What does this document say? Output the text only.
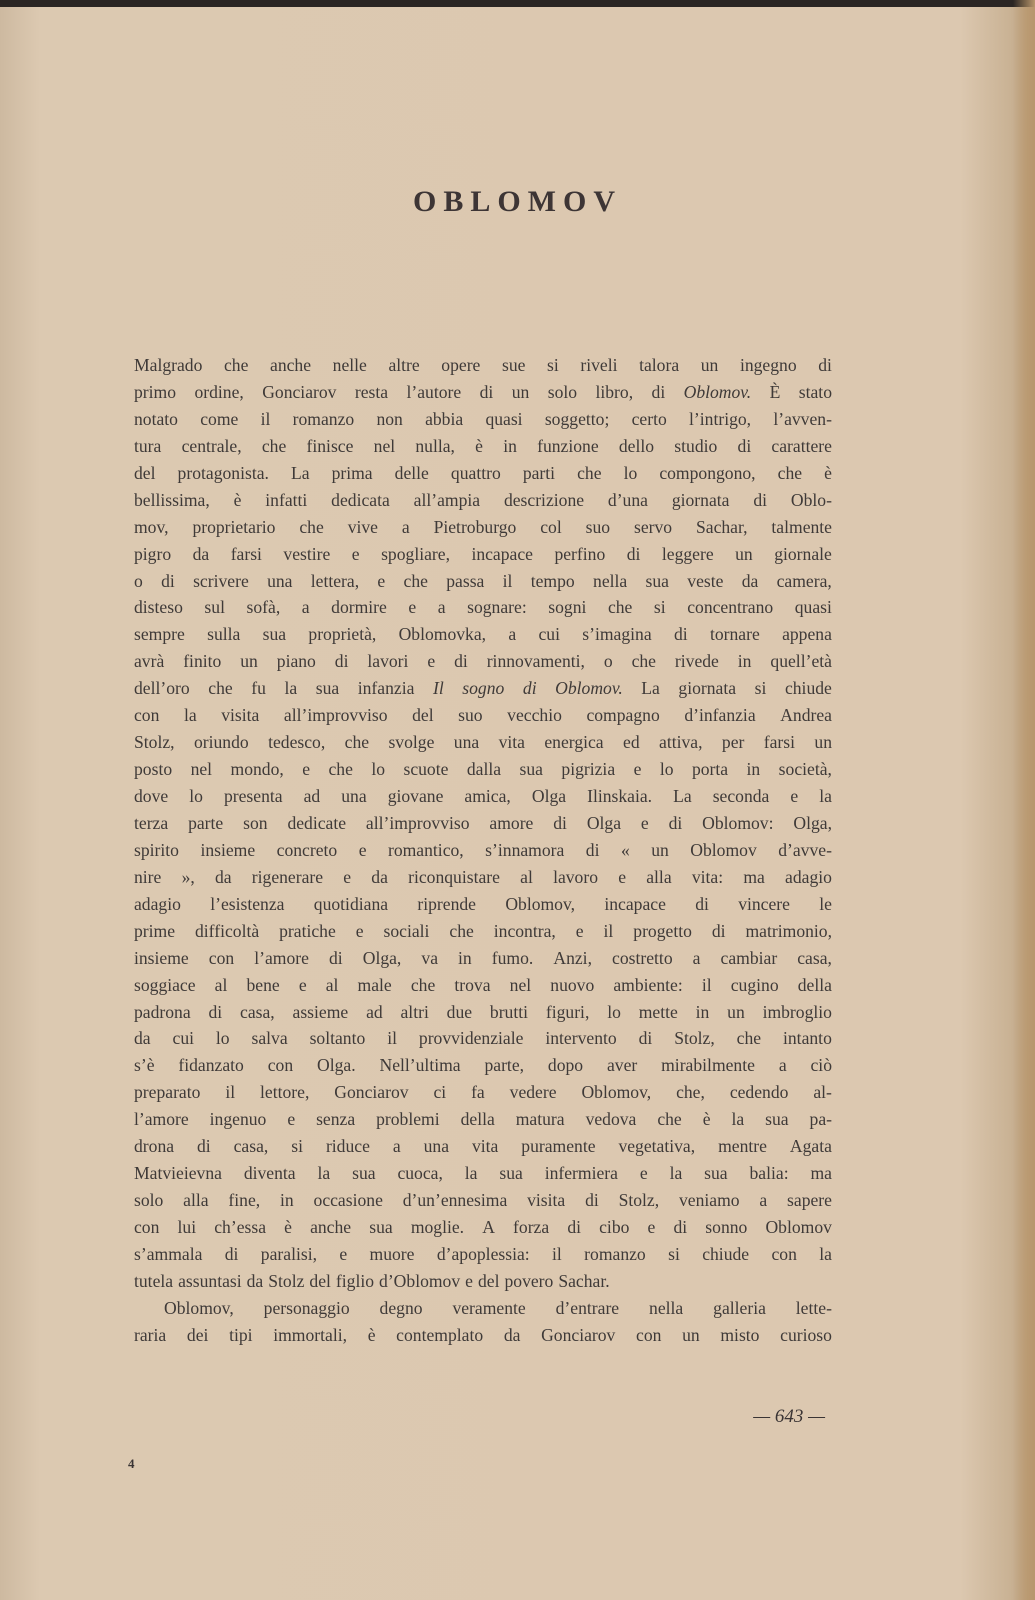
OBLOMOV
Malgrado che anche nelle altre opere sue si riveli talora un ingegno di
primo ordine, Gonciarov resta l’autore di un solo libro, di Oblomov. È stato
notato come il romanzo non abbia quasi soggetto; certo l’intrigo, l’avven-
tura centrale, che finisce nel nulla, è in funzione dello studio di carattere
del protagonista. La prima delle quattro parti che lo compongono, che è
bellissima, è infatti dedicata all’ampia descrizione d’una giornata di Oblo-
mov, proprietario che vive a Pietroburgo col suo servo Sachar, talmente
pigro da farsi vestire e spogliare, incapace perfino di leggere un giornale
o di scrivere una lettera, e che passa il tempo nella sua veste da camera,
disteso sul sofà, a dormire e a sognare: sogni che si concentrano quasi
sempre sulla sua proprietà, Oblomovka, a cui s’imagina di tornare appena
avrà finito un piano di lavori e di rinnovamenti, o che rivede in quell’età
dell’oro che fu la sua infanzia Il sogno di Oblomov. La giornata si chiude
con la visita all’improvviso del suo vecchio compagno d’infanzia Andrea
Stolz, oriundo tedesco, che svolge una vita energica ed attiva, per farsi un
posto nel mondo, e che lo scuote dalla sua pigrizia e lo porta in società,
dove lo presenta ad una giovane amica, Olga Ilinskaia. La seconda e la
terza parte son dedicate all’improvviso amore di Olga e di Oblomov: Olga,
spirito insieme concreto e romantico, s’innamora di « un Oblomov d’avve-
nire », da rigenerare e da riconquistare al lavoro e alla vita: ma adagio
adagio l’esistenza quotidiana riprende Oblomov, incapace di vincere le
prime difficoltà pratiche e sociali che incontra, e il progetto di matrimonio,
insieme con l’amore di Olga, va in fumo. Anzi, costretto a cambiar casa,
soggiace al bene e al male che trova nel nuovo ambiente: il cugino della
padrona di casa, assieme ad altri due brutti figuri, lo mette in un imbroglio
da cui lo salva soltanto il provvidenziale intervento di Stolz, che intanto
s’è fidanzato con Olga. Nell’ultima parte, dopo aver mirabilmente a ciò
preparato il lettore, Gonciarov ci fa vedere Oblomov, che, cedendo al-
l’amore ingenuo e senza problemi della matura vedova che è la sua pa-
drona di casa, si riduce a una vita puramente vegetativa, mentre Agata
Matvieievna diventa la sua cuoca, la sua infermiera e la sua balia: ma
solo alla fine, in occasione d’un’ennesima visita di Stolz, veniamo a sapere
con lui ch’essa è anche sua moglie. A forza di cibo e di sonno Oblomov
s’ammala di paralisi, e muore d’apoplessia: il romanzo si chiude con la
tutela assuntasi da Stolz del figlio d’Oblomov e del povero Sachar.
Oblomov, personaggio degno veramente d’entrare nella galleria lette-
raria dei tipi immortali, è contemplato da Gonciarov con un misto curioso
— 643 —
4
